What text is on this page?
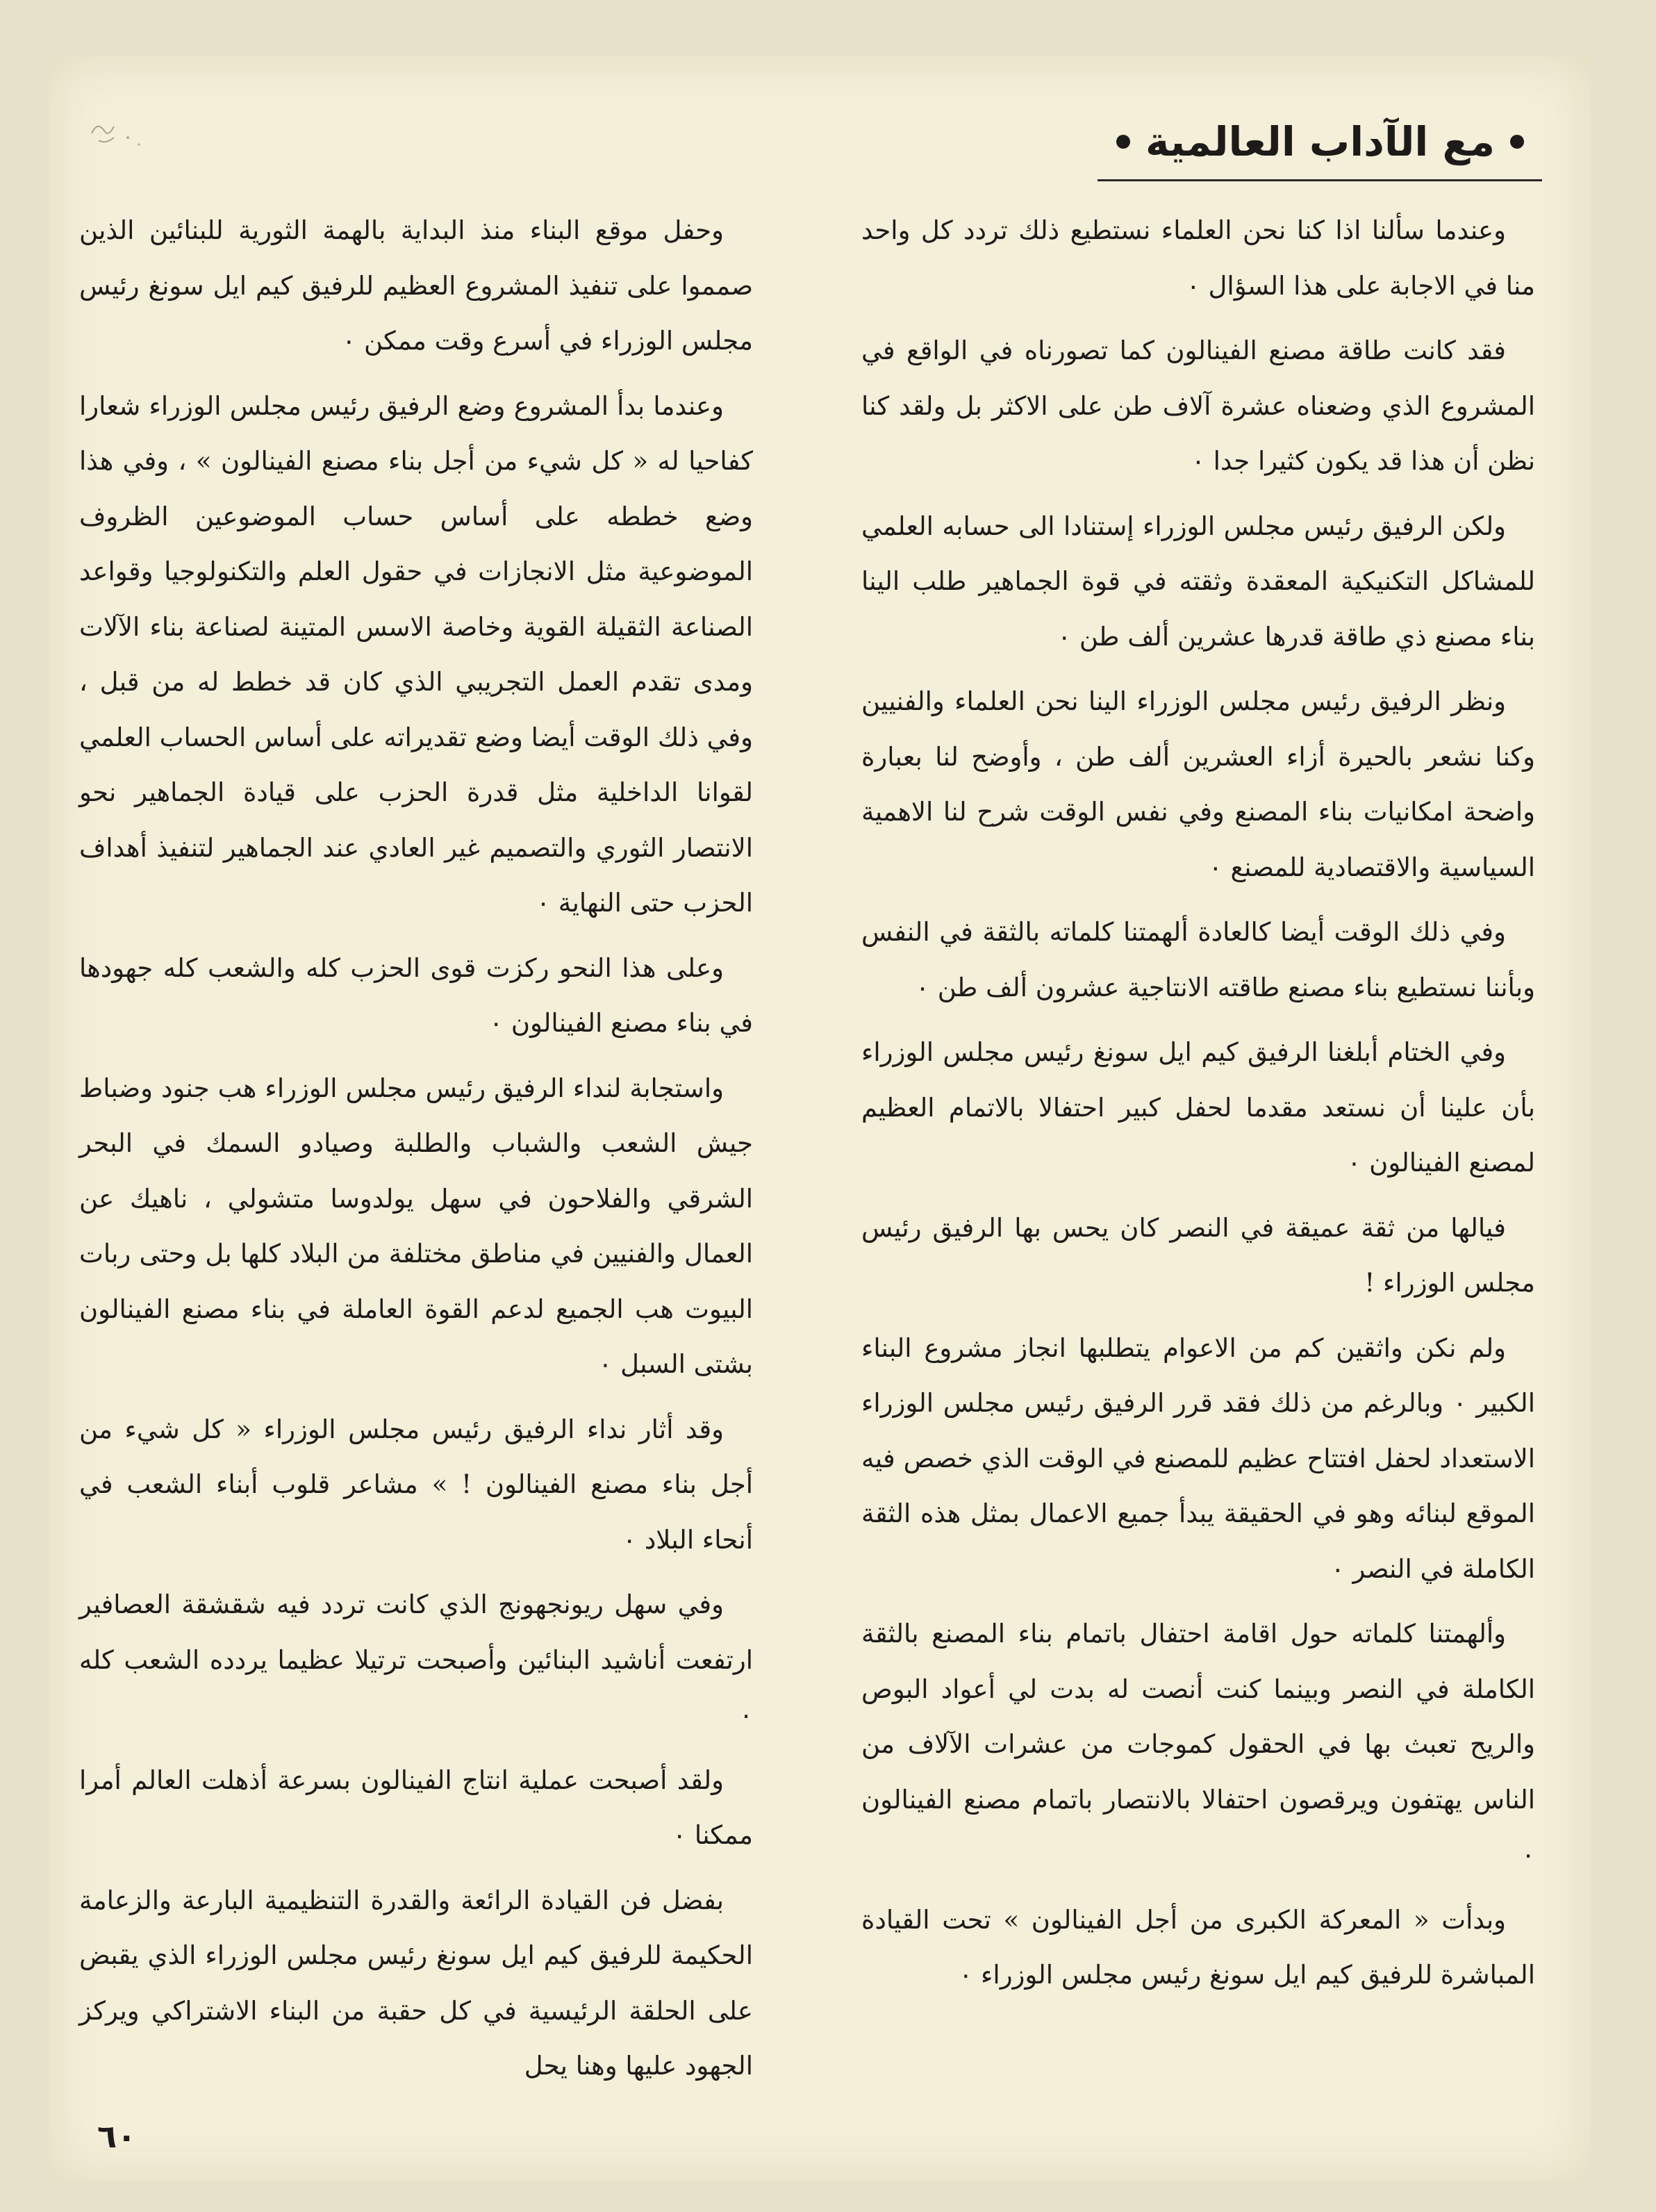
مع الآداب العالمية

وعندما سألنا اذا كنا نحن العلماء نستطيع ذلك تردد كل واحد منا في الاجابة على هذا السؤال ٠

فقد كانت طاقة مصنع الفينالون كما تصورناه في الواقع في المشروع الذي وضعناه عشرة آلاف طن على الاكثر بل ولقد كنا نظن أن هذا قد يكون كثيرا جدا ٠

ولكن الرفيق رئيس مجلس الوزراء إستنادا الى حسابه العلمي للمشاكل التكنيكية المعقدة وثقته في قوة الجماهير طلب الينا بناء مصنع ذي طاقة قدرها عشرين ألف طن ٠

ونظر الرفيق رئيس مجلس الوزراء الينا نحن العلماء والفنيين وكنا نشعر بالحيرة أزاء العشرين ألف طن ، وأوضح لنا بعبارة واضحة امكانيات بناء المصنع وفي نفس الوقت شرح لنا الاهمية السياسية والاقتصادية للمصنع ٠

وفي ذلك الوقت أيضا كالعادة ألهمتنا كلماته بالثقة في النفس وبأننا نستطيع بناء مصنع طاقته الانتاجية عشرون ألف طن ٠

وفي الختام أبلغنا الرفيق كيم ايل سونغ رئيس مجلس الوزراء بأن علينا أن نستعد مقدما لحفل كبير احتفالا بالاتمام العظيم لمصنع الفينالون ٠

فيالها من ثقة عميقة في النصر كان يحس بها الرفيق رئيس مجلس الوزراء !

ولم نكن واثقين كم من الاعوام يتطلبها انجاز مشروع البناء الكبير ٠ وبالرغم من ذلك فقد قرر الرفيق رئيس مجلس الوزراء الاستعداد لحفل افتتاح عظيم للمصنع في الوقت الذي خصص فيه الموقع لبنائه وهو في الحقيقة يبدأ جميع الاعمال بمثل هذه الثقة الكاملة في النصر ٠

وألهمتنا كلماته حول اقامة احتفال باتمام بناء المصنع بالثقة الكاملة في النصر وبينما كنت أنصت له بدت لي أعواد البوص والريح تعبث بها في الحقول كموجات من عشرات الآلاف من الناس يهتفون ويرقصون احتفالا بالانتصار باتمام مصنع الفينالون ٠

وبدأت « المعركة الكبرى من أجل الفينالون » تحت القيادة المباشرة للرفيق كيم ايل سونغ رئيس مجلس الوزراء ٠

وحفل موقع البناء منذ البداية بالهمة الثورية للبنائين الذين صمموا على تنفيذ المشروع العظيم للرفيق كيم ايل سونغ رئيس مجلس الوزراء في أسرع وقت ممكن ٠

وعندما بدأ المشروع وضع الرفيق رئيس مجلس الوزراء شعارا كفاحيا له « كل شيء من أجل بناء مصنع الفينالون » ، وفي هذا وضع خططه على أساس حساب الموضوعين الظروف الموضوعية مثل الانجازات في حقول العلم والتكنولوجيا وقواعد الصناعة الثقيلة القوية وخاصة الاسس المتينة لصناعة بناء الآلات ومدى تقدم العمل التجريبي الذي كان قد خطط له من قبل ، وفي ذلك الوقت أيضا وضع تقديراته على أساس الحساب العلمي لقوانا الداخلية مثل قدرة الحزب على قيادة الجماهير نحو الانتصار الثوري والتصميم غير العادي عند الجماهير لتنفيذ أهداف الحزب حتى النهاية ٠

وعلى هذا النحو ركزت قوى الحزب كله والشعب كله جهودها في بناء مصنع الفينالون ٠

واستجابة لنداء الرفيق رئيس مجلس الوزراء هب جنود وضباط جيش الشعب والشباب والطلبة وصيادو السمك في البحر الشرقي والفلاحون في سهل يولدوسا متشولي ، ناهيك عن العمال والفنيين في مناطق مختلفة من البلاد كلها بل وحتى ربات البيوت هب الجميع لدعم القوة العاملة في بناء مصنع الفينالون بشتى السبل ٠

وقد أثار نداء الرفيق رئيس مجلس الوزراء « كل شيء من أجل بناء مصنع الفينالون ! » مشاعر قلوب أبناء الشعب في أنحاء البلاد ٠

وفي سهل ريونجهونج الذي كانت تردد فيه شقشقة العصافير ارتفعت أناشيد البنائين وأصبحت ترتيلا عظيما يردده الشعب كله ٠

ولقد أصبحت عملية انتاج الفينالون بسرعة أذهلت العالم أمرا ممكنا ٠

بفضل فن القيادة الرائعة والقدرة التنظيمية البارعة والزعامة الحكيمة للرفيق كيم ايل سونغ رئيس مجلس الوزراء الذي يقبض على الحلقة الرئيسية في كل حقبة من البناء الاشتراكي ويركز الجهود عليها وهنا يحل

٦٠
